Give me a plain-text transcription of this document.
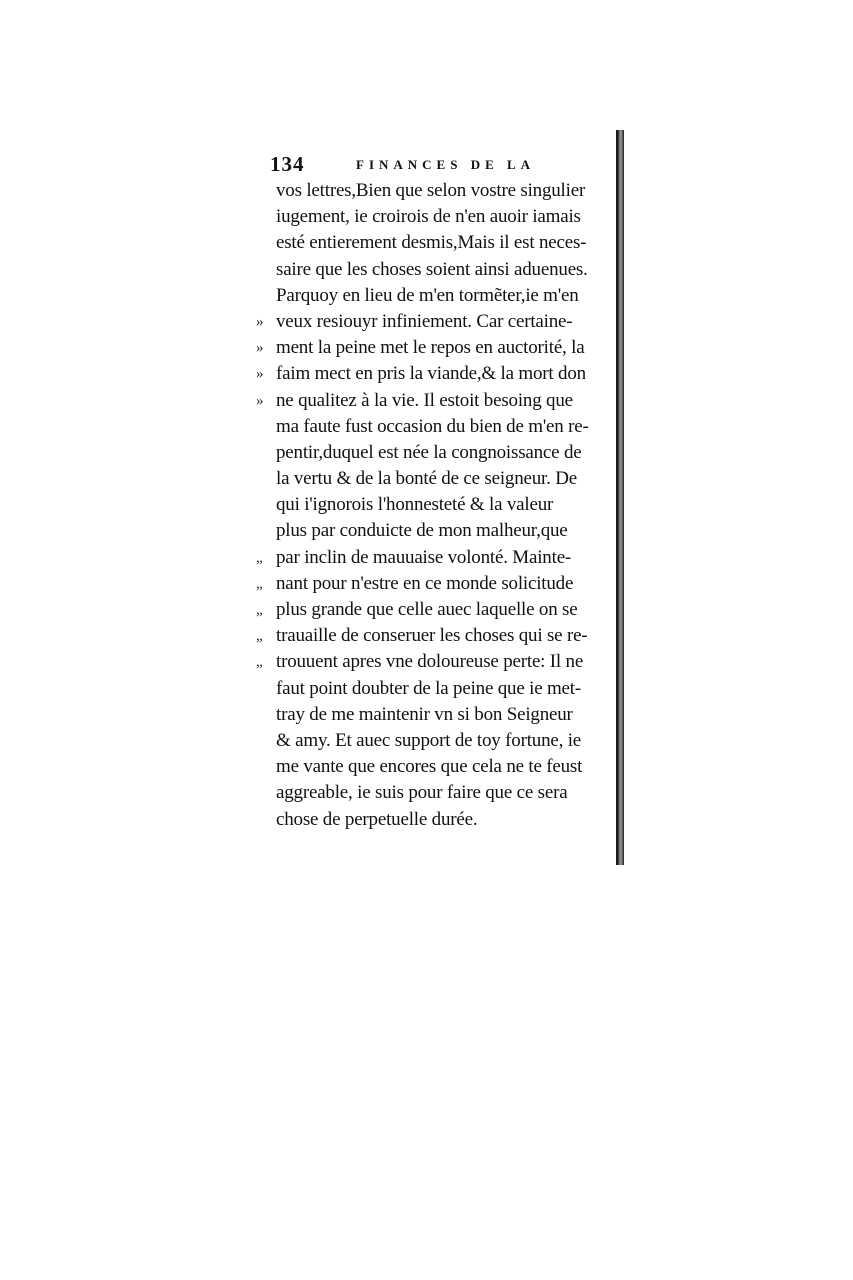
134	FINANCES DE LA
vos lettres,Bien que selon vostre singulier
iugement, ie croirois de n'en auoir iamais
esté entierement desmis,Mais il est neces-
saire que les choses soient ainsi aduenues.
Parquoy en lieu de m'en tormẽter,ie m'en
» veux resiouyr infiniement. Car certaine-
» ment la peine met le repos en auctorité, la
» faim mect en pris la viande,& la mort don
» ne qualitez à la vie. Il estoit besoing que
ma faute fust occasion du bien de m'en re-
pentir,duquel est née la congnoissance de
la vertu & de la bonté de ce seigneur. De
qui i'ignorois l'honnesteté & la valeur
plus par conduicte de mon malheur,que
„ par inclin de mauuaise volonté. Mainte-
„ nant pour n'estre en ce monde solicitude
„ plus grande que celle auec laquelle on se
„ trauaille de conseruer les choses qui se re-
„ trouuent apres vne doloureuse perte: Il ne
faut point doubter de la peine que ie met-
tray de me maintenir vn si bon Seigneur
& amy. Et auec support de toy fortune, ie
me vante que encores que cela ne te feust
aggreable, ie suis pour faire que ce sera
chose de perpetuelle durée.
